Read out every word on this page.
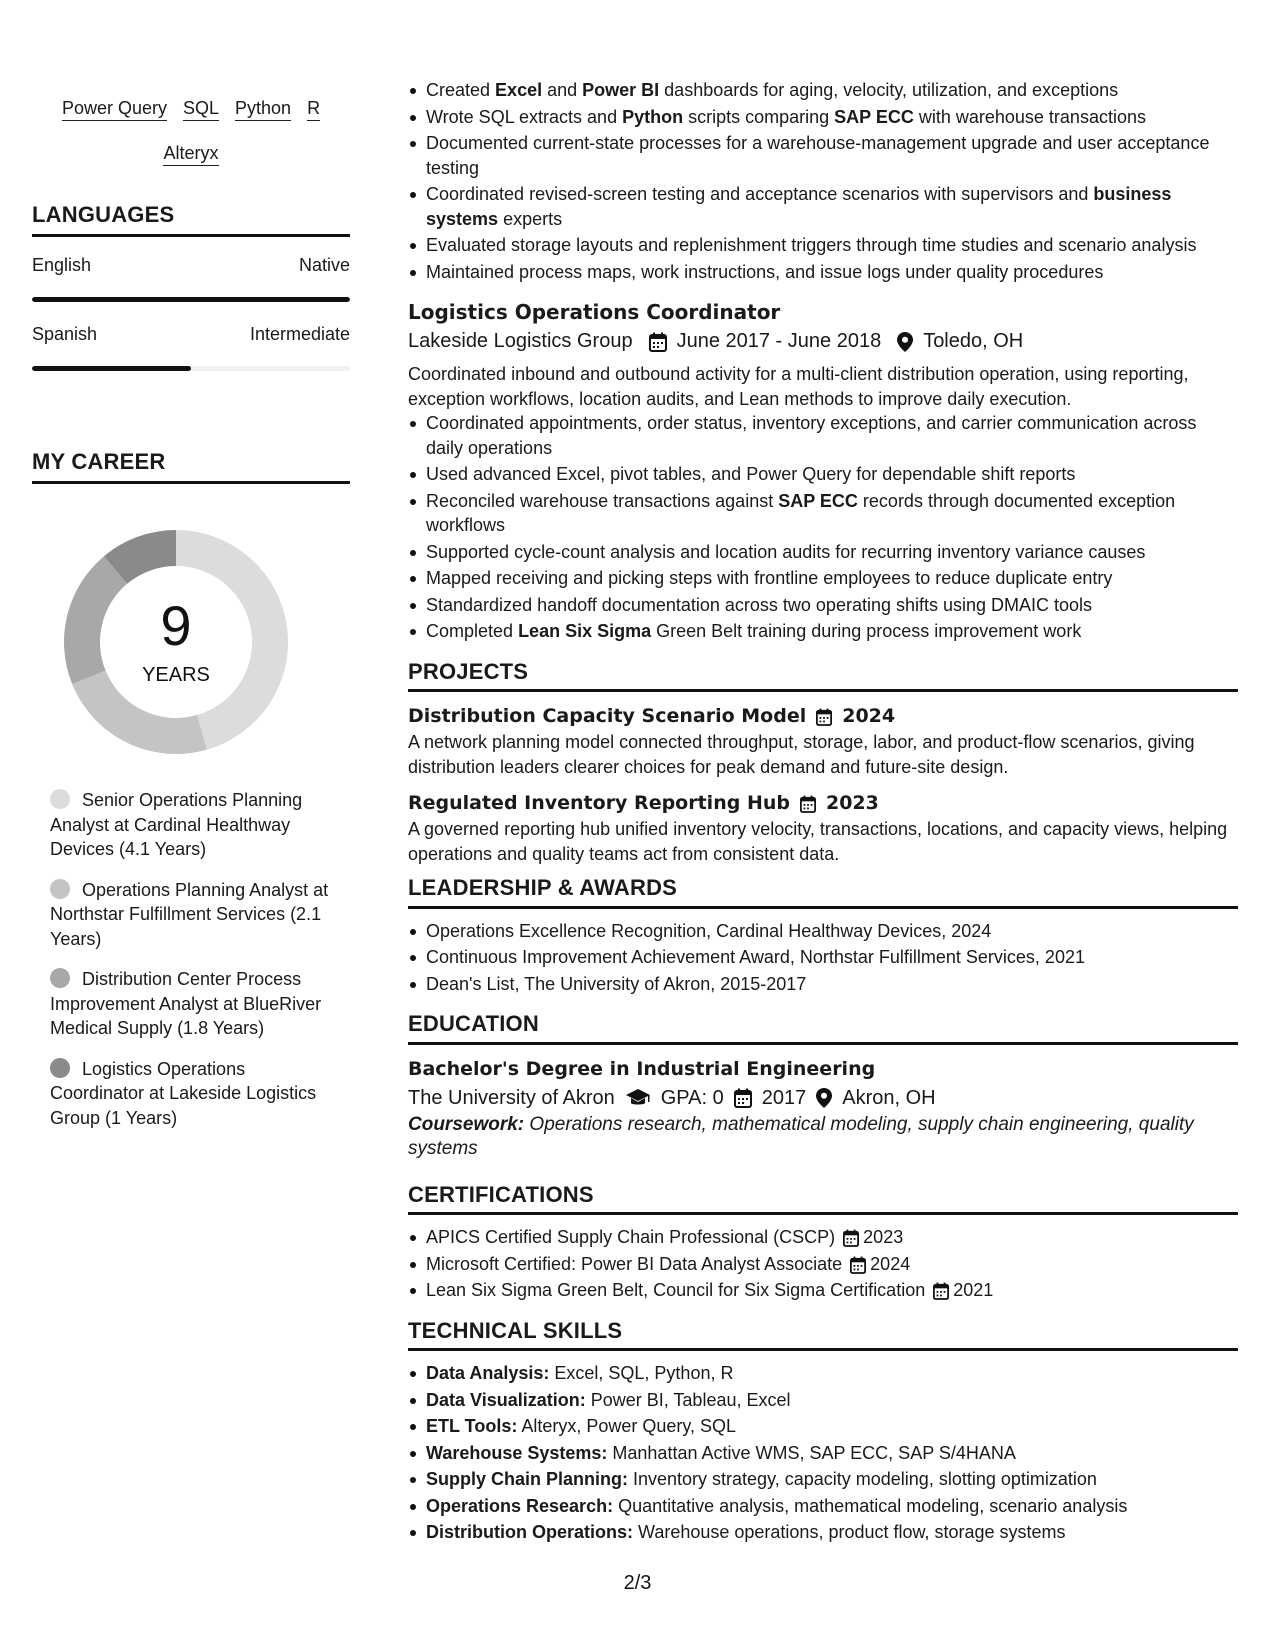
Power Query SQL Python R
Alteryx
LANGUAGES
English	Native
Spanish	Intermediate
MY CAREER
9
YEARS
Senior Operations Planning Analyst at Cardinal Healthway Devices (4.1 Years)
Operations Planning Analyst at Northstar Fulfillment Services (2.1 Years)
Distribution Center Process Improvement Analyst at BlueRiver Medical Supply (1.8 Years)
Logistics Operations Coordinator at Lakeside Logistics Group (1 Years)
Created Excel and Power BI dashboards for aging, velocity, utilization, and exceptions
Wrote SQL extracts and Python scripts comparing SAP ECC with warehouse transactions
Documented current-state processes for a warehouse-management upgrade and user acceptance testing
Coordinated revised-screen testing and acceptance scenarios with supervisors and business systems experts
Evaluated storage layouts and replenishment triggers through time studies and scenario analysis
Maintained process maps, work instructions, and issue logs under quality procedures
Logistics Operations Coordinator
Lakeside Logistics Group June 2017 - June 2018 Toledo, OH
Coordinated inbound and outbound activity for a multi-client distribution operation, using reporting, exception workflows, location audits, and Lean methods to improve daily execution.
Coordinated appointments, order status, inventory exceptions, and carrier communication across daily operations
Used advanced Excel, pivot tables, and Power Query for dependable shift reports
Reconciled warehouse transactions against SAP ECC records through documented exception workflows
Supported cycle-count analysis and location audits for recurring inventory variance causes
Mapped receiving and picking steps with frontline employees to reduce duplicate entry
Standardized handoff documentation across two operating shifts using DMAIC tools
Completed Lean Six Sigma Green Belt training during process improvement work
PROJECTS
Distribution Capacity Scenario Model 2024
A network planning model connected throughput, storage, labor, and product-flow scenarios, giving distribution leaders clearer choices for peak demand and future-site design.
Regulated Inventory Reporting Hub 2023
A governed reporting hub unified inventory velocity, transactions, locations, and capacity views, helping operations and quality teams act from consistent data.
LEADERSHIP & AWARDS
Operations Excellence Recognition, Cardinal Healthway Devices, 2024
Continuous Improvement Achievement Award, Northstar Fulfillment Services, 2021
Dean's List, The University of Akron, 2015-2017
EDUCATION
Bachelor's Degree in Industrial Engineering
The University of Akron GPA: 0 2017 Akron, OH
Coursework: Operations research, mathematical modeling, supply chain engineering, quality systems
CERTIFICATIONS
APICS Certified Supply Chain Professional (CSCP) 2023
Microsoft Certified: Power BI Data Analyst Associate 2024
Lean Six Sigma Green Belt, Council for Six Sigma Certification 2021
TECHNICAL SKILLS
Data Analysis: Excel, SQL, Python, R
Data Visualization: Power BI, Tableau, Excel
ETL Tools: Alteryx, Power Query, SQL
Warehouse Systems: Manhattan Active WMS, SAP ECC, SAP S/4HANA
Supply Chain Planning: Inventory strategy, capacity modeling, slotting optimization
Operations Research: Quantitative analysis, mathematical modeling, scenario analysis
Distribution Operations: Warehouse operations, product flow, storage systems
2/3
